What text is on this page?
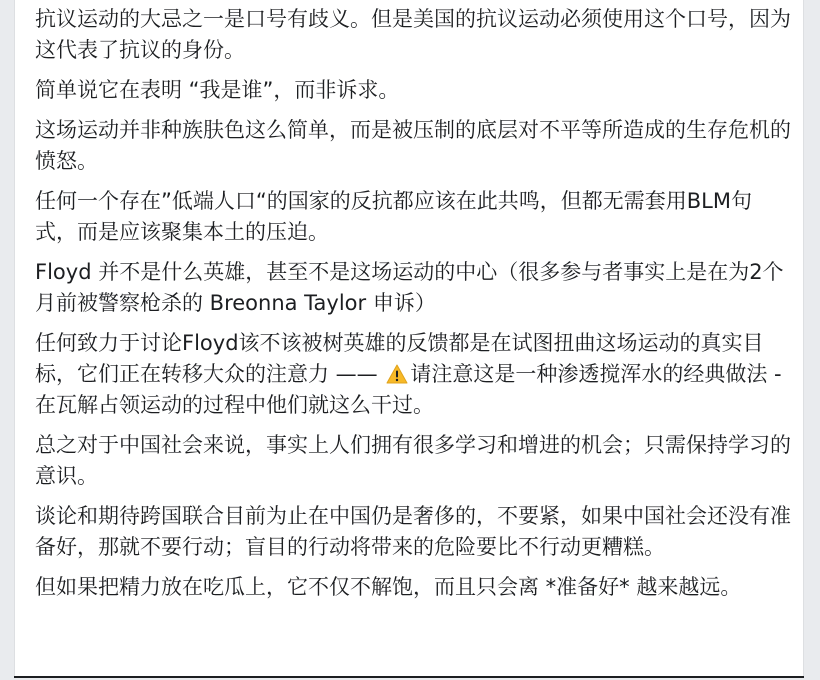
抗议运动的大忌之一是口号有歧义。但是美国的抗议运动必须使用这个口号，因为这代表了抗议的身份。

简单说它在表明 “我是谁”，而非诉求。

这场运动并非种族肤色这么简单，而是被压制的底层对不平等所造成的生存危机的愤怒。

任何一个存在”低端人口“的国家的反抗都应该在此共鸣，但都无需套用BLM句式，而是应该聚集本土的压迫。

Floyd 并不是什么英雄，甚至不是这场运动的中心（很多参与者事实上是在为2个月前被警察枪杀的 Breonna Taylor 申诉）

任何致力于讨论Floyd该不该被树英雄的反馈都是在试图扭曲这场运动的真实目标，它们正在转移大众的注意力 —— 请注意这是一种渗透搅浑水的经典做法 - 在瓦解占领运动的过程中他们就这么干过。

总之对于中国社会来说，事实上人们拥有很多学习和增进的机会；只需保持学习的意识。

谈论和期待跨国联合目前为止在中国仍是奢侈的，不要紧，如果中国社会还没有准备好，那就不要行动；盲目的行动将带来的危险要比不行动更糟糕。

但如果把精力放在吃瓜上，它不仅不解饱，而且只会离 *准备好* 越来越远。
